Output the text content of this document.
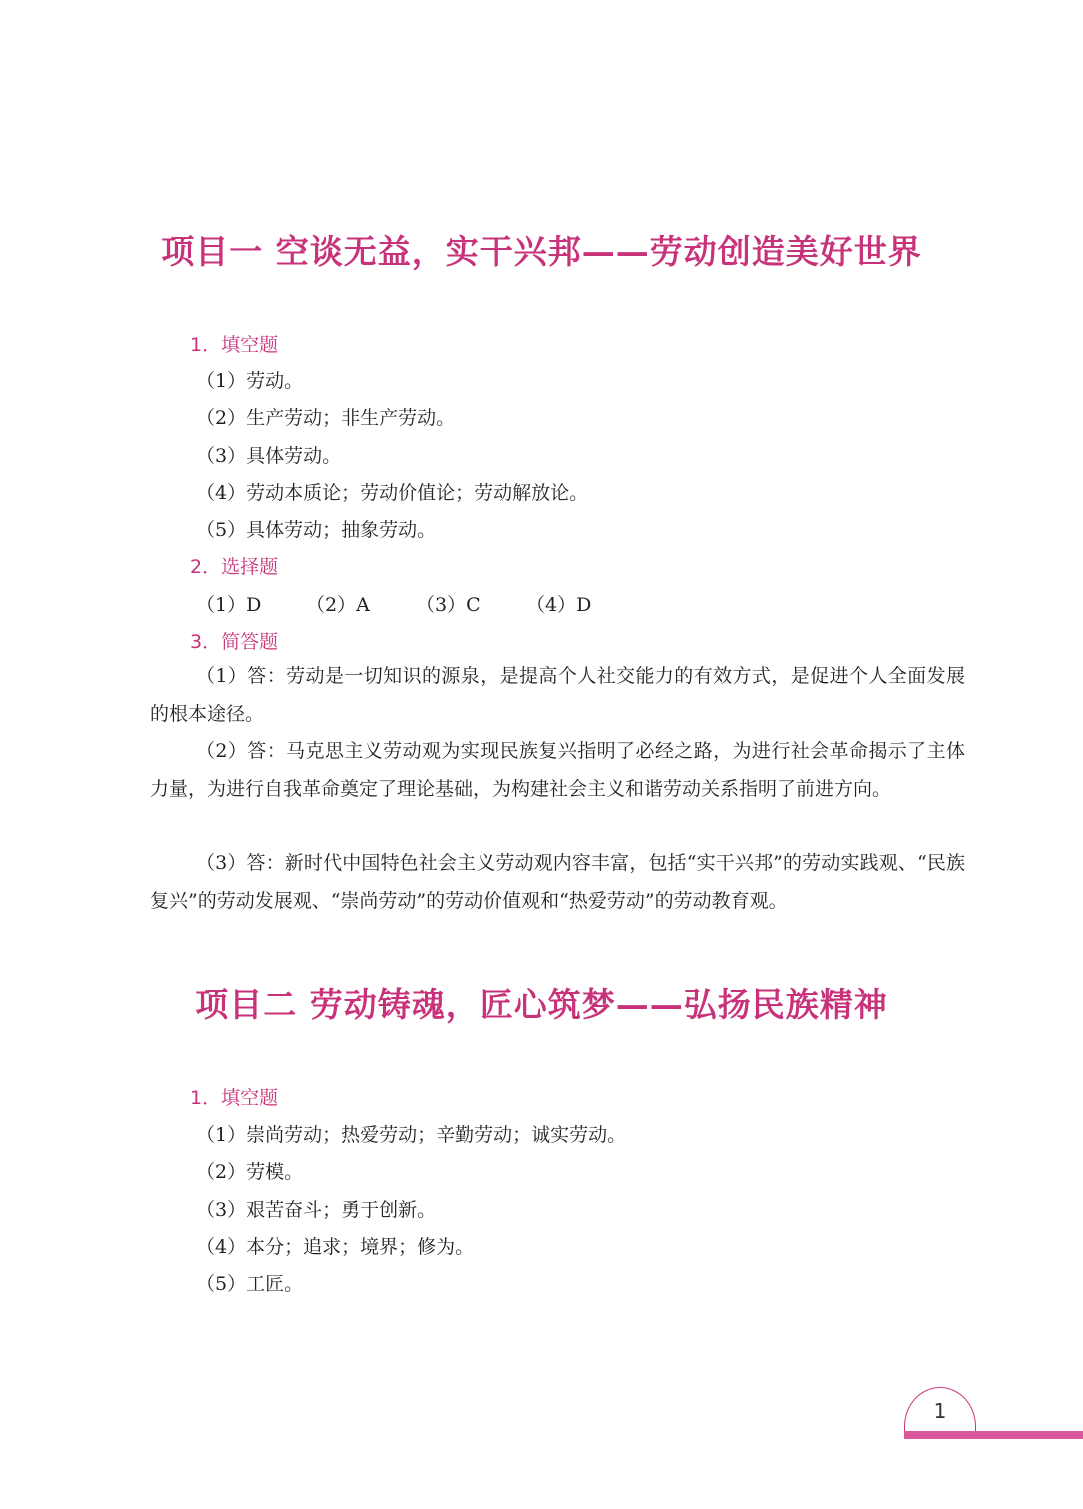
项目一 空谈无益，实干兴邦——劳动创造美好世界
1．填空题
（1）劳动。
（2）生产劳动；非生产劳动。
（3）具体劳动。
（4）劳动本质论；劳动价值论；劳动解放论。
（5）具体劳动；抽象劳动。
2．选择题
（1）D （2）A （3）C （4）D
3．简答题
（1）答：劳动是一切知识的源泉，是提高个人社交能力的有效方式，是促进个人全面发展的根本途径。
（2）答：马克思主义劳动观为实现民族复兴指明了必经之路，为进行社会革命揭示了主体力量，为进行自我革命奠定了理论基础，为构建社会主义和谐劳动关系指明了前进方向。
（3）答：新时代中国特色社会主义劳动观内容丰富，包括“实干兴邦”的劳动实践观、“民族复兴”的劳动发展观、“崇尚劳动”的劳动价值观和“热爱劳动”的劳动教育观。
项目二 劳动铸魂，匠心筑梦——弘扬民族精神
1．填空题
（1）崇尚劳动；热爱劳动；辛勤劳动；诚实劳动。
（2）劳模。
（3）艰苦奋斗；勇于创新。
（4）本分；追求；境界；修为。
（5）工匠。
1
